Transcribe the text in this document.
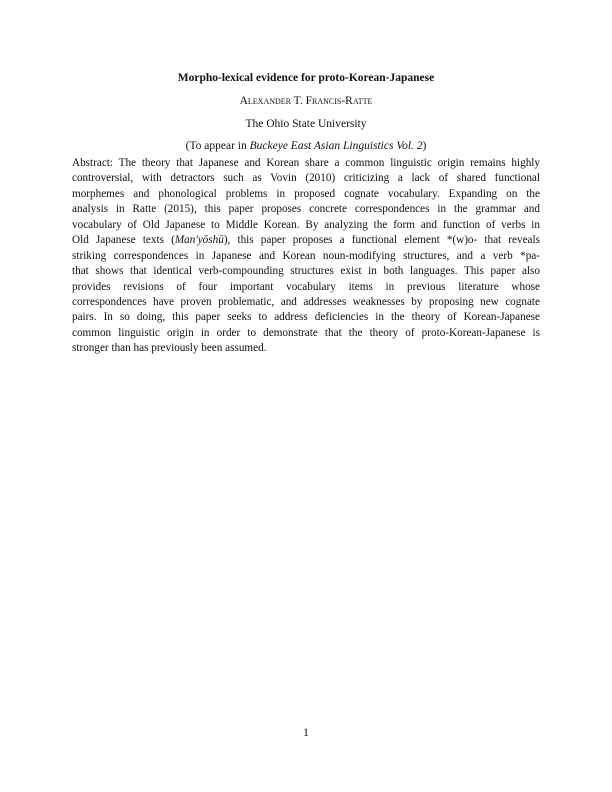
Morpho-lexical evidence for proto-Korean-Japanese
Alexander T. Francis-Ratte
The Ohio State University
(To appear in Buckeye East Asian Linguistics Vol. 2)
Abstract: The theory that Japanese and Korean share a common linguistic origin remains highly
controversial, with detractors such as Vovin (2010) criticizing a lack of shared functional
morphemes and phonological problems in proposed cognate vocabulary. Expanding on the
analysis in Ratte (2015), this paper proposes concrete correspondences in the grammar and
vocabulary of Old Japanese to Middle Korean. By analyzing the form and function of verbs in
Old Japanese texts (Man'yōshū), this paper proposes a functional element *(w)o- that reveals
striking correspondences in Japanese and Korean noun-modifying structures, and a verb *pa-
that shows that identical verb-compounding structures exist in both languages. This paper also
provides revisions of four important vocabulary items in previous literature whose
correspondences have proven problematic, and addresses weaknesses by proposing new cognate
pairs. In so doing, this paper seeks to address deficiencies in the theory of Korean-Japanese
common linguistic origin in order to demonstrate that the theory of proto-Korean-Japanese is
stronger than has previously been assumed.
1
